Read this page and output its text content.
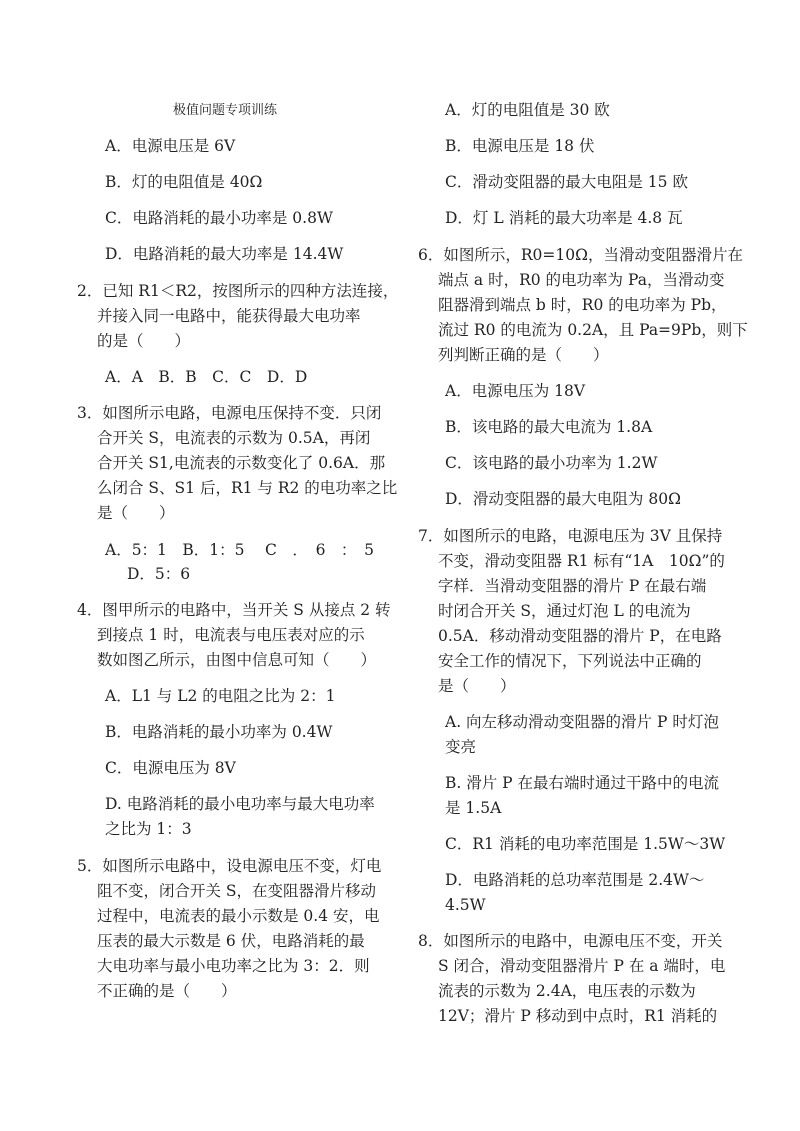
极值问题专项训练
A．电源电压是 6V
B．灯的电阻值是 40Ω
C．电路消耗的最小功率是 0.8W
D．电路消耗的最大功率是 14.4W
2．已知 R1＜R2，按图所示的四种方法连接，
并接入同一电路中，能获得最大电功率
的是（　　）
A．A　B．B　C．C　D．D
3．如图所示电路，电源电压保持不变．只闭
合开关 S，电流表的示数为 0.5A，再闭
合开关 S1,电流表的示数变化了 0.6A．那
么闭合 S、S1 后，R1 与 R2 的电功率之比
是（　　）
A．5：1　B．1：5　 C　．　6　：　5
D．5：6
4．图甲所示的电路中，当开关 S 从接点 2 转
到接点 1 时，电流表与电压表对应的示
数如图乙所示，由图中信息可知（　　）
A．L1 与 L2 的电阻之比为 2：1
B．电路消耗的最小功率为 0.4W
C．电源电压为 8V
D. 电路消耗的最小电功率与最大电功率
之比为 1：3
5．如图所示电路中，设电源电压不变，灯电
阻不变，闭合开关 S，在变阻器滑片移动
过程中，电流表的最小示数是 0.4 安，电
压表的最大示数是 6 伏，电路消耗的最
大电功率与最小电功率之比为 3：2．则
不正确的是（　　）
A．灯的电阻值是 30 欧
B．电源电压是 18 伏
C．滑动变阻器的最大电阻是 15 欧
D．灯 L 消耗的最大功率是 4.8 瓦
6．如图所示，R0=10Ω，当滑动变阻器滑片在
端点 a 时，R0 的电功率为 Pa，当滑动变
阻器滑到端点 b 时，R0 的电功率为 Pb，
流过 R0 的电流为 0.2A，且 Pa=9Pb，则下
列判断正确的是（　　）
A．电源电压为 18V
B．该电路的最大电流为 1.8A
C．该电路的最小功率为 1.2W
D．滑动变阻器的最大电阻为 80Ω
7．如图所示的电路，电源电压为 3V 且保持
不变，滑动变阻器 R1 标有“1A　10Ω”的
字样．当滑动变阻器的滑片 P 在最右端
时闭合开关 S，通过灯泡 L 的电流为
0.5A．移动滑动变阻器的滑片 P，在电路
安全工作的情况下，下列说法中正确的
是（　　）
A. 向左移动滑动变阻器的滑片 P 时灯泡
变亮
B. 滑片 P 在最右端时通过干路中的电流
是 1.5A
C．R1 消耗的电功率范围是 1.5W～3W
D．电路消耗的总功率范围是 2.4W～
4.5W
8．如图所示的电路中，电源电压不变，开关
S 闭合，滑动变阻器滑片 P 在 a 端时，电
流表的示数为 2.4A，电压表的示数为
12V；滑片 P 移动到中点时，R1 消耗的
